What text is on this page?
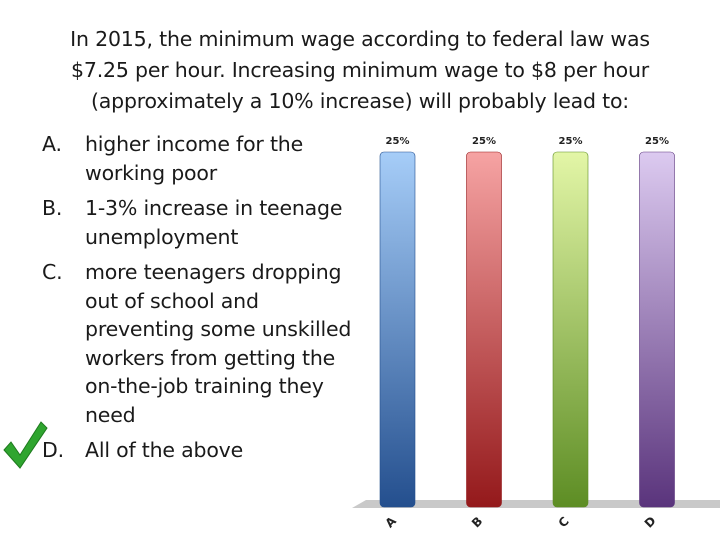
In 2015, the minimum wage according to federal law was $7.25 per hour. Increasing minimum wage to $8 per hour (approximately a 10% increase) will probably lead to:
A.	higher income for the working poor
B.	1-3% increase in teenage unemployment
C.	more teenagers dropping out of school and preventing some unskilled workers from getting the on-the-job training they need
D.	All of the above
25%
A
25%
B
25%
C
25%
D
